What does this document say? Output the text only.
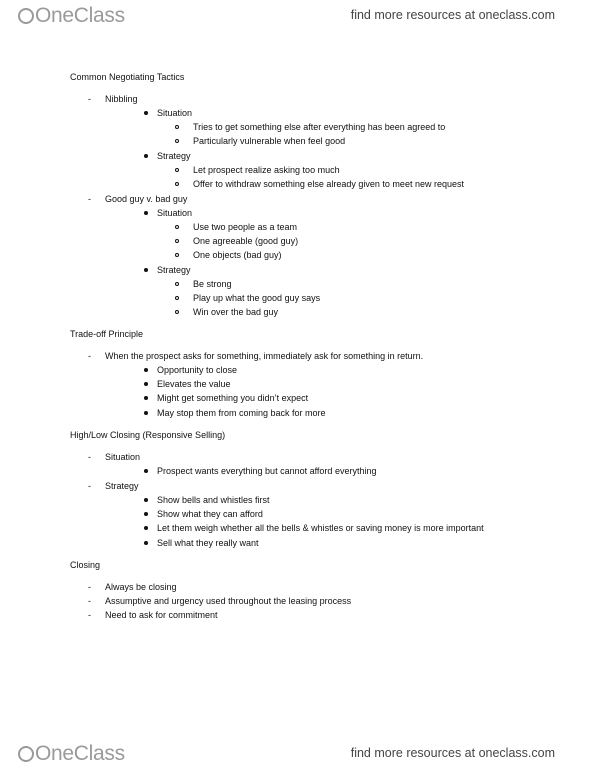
OneClass	find more resources at oneclass.com
Common Negotiating Tactics
- Nibbling
Situation
Tries to get something else after everything has been agreed to
Particularly vulnerable when feel good
Strategy
Let prospect realize asking too much
Offer to withdraw something else already given to meet new request
- Good guy v. bad guy
Situation
Use two people as a team
One agreeable (good guy)
One objects (bad guy)
Strategy
Be strong
Play up what the good guy says
Win over the bad guy
Trade-off Principle
- When the prospect asks for something, immediately ask for something in return.
Opportunity to close
Elevates the value
Might get something you didn’t expect
May stop them from coming back for more
High/Low Closing (Responsive Selling)
- Situation
Prospect wants everything but cannot afford everything
- Strategy
Show bells and whistles first
Show what they can afford
Let them weigh whether all the bells & whistles or saving money is more important
Sell what they really want
Closing
- Always be closing
- Assumptive and urgency used throughout the leasing process
- Need to ask for commitment
OneClass	find more resources at oneclass.com
